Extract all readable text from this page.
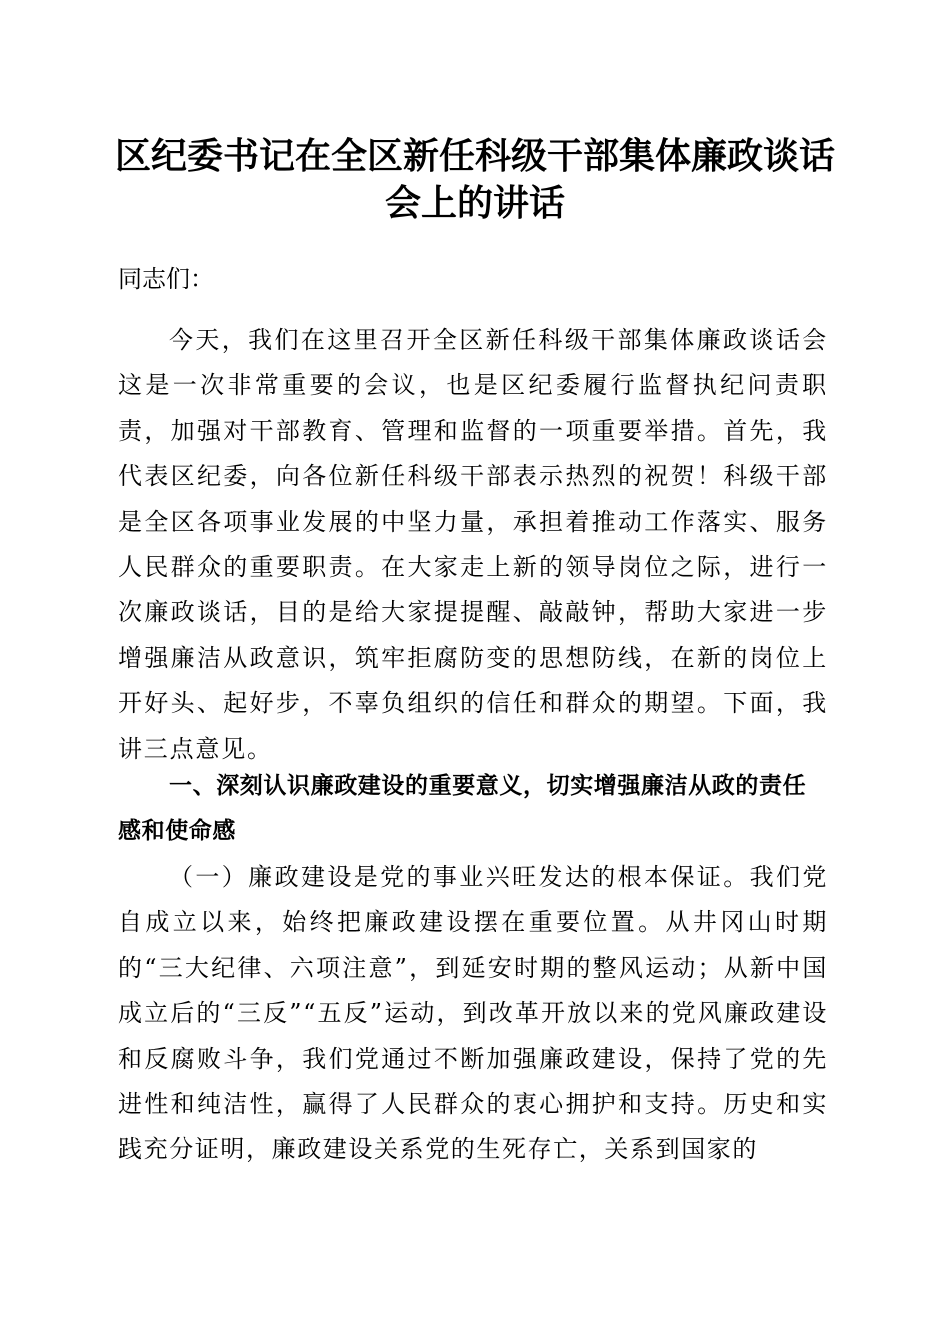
区纪委书记在全区新任科级干部集体廉政谈话
会上的讲话
同志们：

今天，我们在这里召开全区新任科级干部集体廉政谈话会这是一次非常重要的会议，也是区纪委履行监督执纪问责职责，加强对干部教育、管理和监督的一项重要举措。首先，我代表区纪委，向各位新任科级干部表示热烈的祝贺！科级干部是全区各项事业发展的中坚力量，承担着推动工作落实、服务人民群众的重要职责。在大家走上新的领导岗位之际，进行一次廉政谈话，目的是给大家提提醒、敲敲钟，帮助大家进一步增强廉洁从政意识，筑牢拒腐防变的思想防线，在新的岗位上开好头、起好步，不辜负组织的信任和群众的期望。下面，我讲三点意见。

一、深刻认识廉政建设的重要意义，切实增强廉洁从政的责任感和使命感

（一）廉政建设是党的事业兴旺发达的根本保证。我们党自成立以来，始终把廉政建设摆在重要位置。从井冈山时期的“三大纪律、六项注意”，到延安时期的整风运动；从新中国成立后的“三反”“五反”运动，到改革开放以来的党风廉政建设和反腐败斗争，我们党通过不断加强廉政建设，保持了党的先进性和纯洁性，赢得了人民群众的衷心拥护和支持。历史和实践充分证明，廉政建设关系党的生死存亡，关系到国家的
